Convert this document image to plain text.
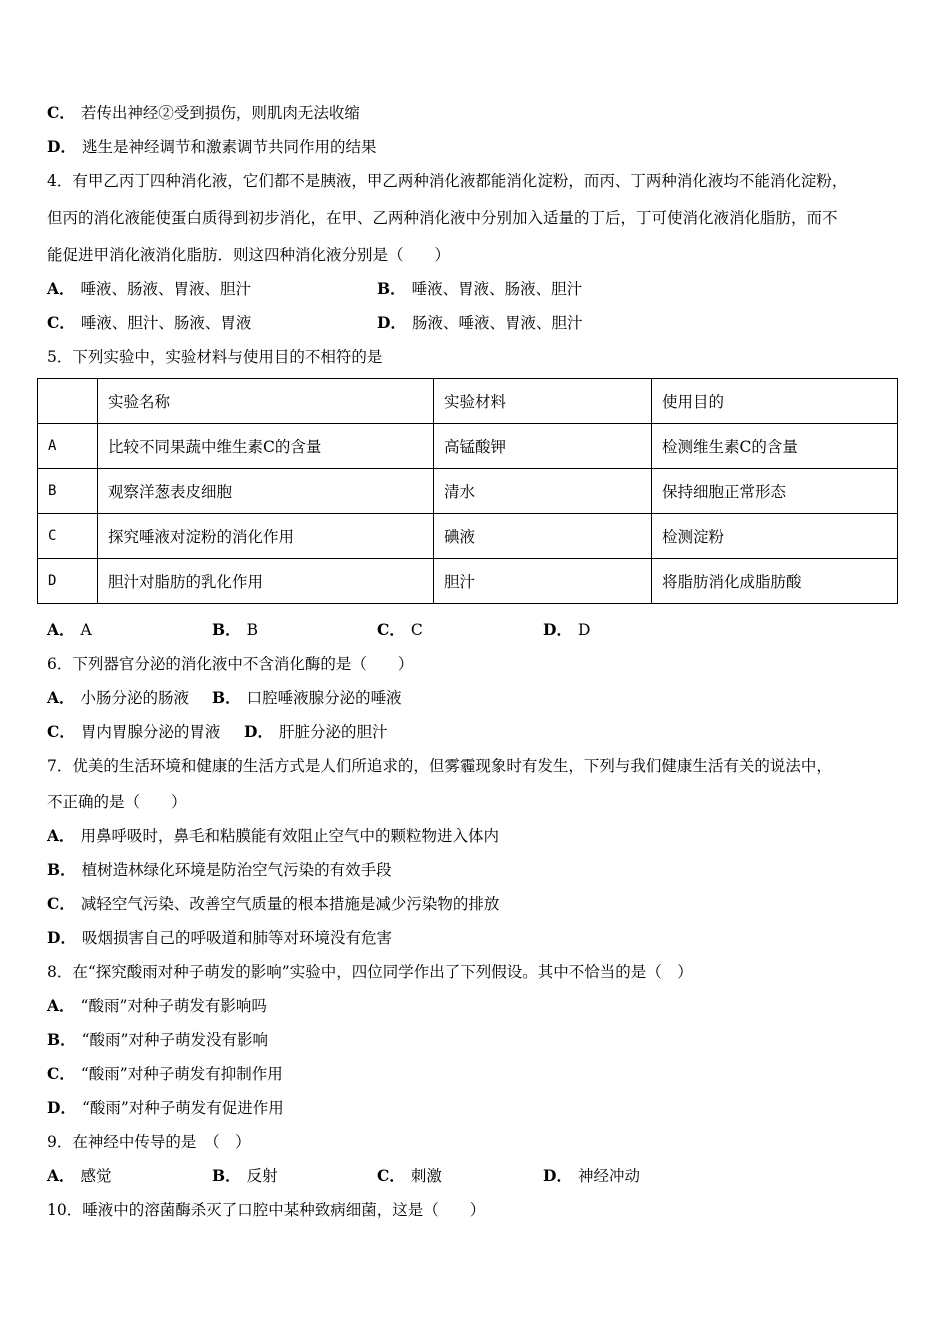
C． 若传出神经②受到损伤，则肌肉无法收缩
D． 逃生是神经调节和激素调节共同作用的结果
4．有甲乙丙丁四种消化液，它们都不是胰液，甲乙两种消化液都能消化淀粉，而丙、丁两种消化液均不能消化淀粉，
但丙的消化液能使蛋白质得到初步消化，在甲、乙两种消化液中分别加入适量的丁后，丁可使消化液消化脂肪，而不
能促进甲消化液消化脂肪．则这四种消化液分别是（　　）
A． 唾液、肠液、胃液、胆汁	B． 唾液、胃液、肠液、胆汁
C． 唾液、胆汁、肠液、胃液	D． 肠液、唾液、胃液、胆汁
5．下列实验中，实验材料与使用目的不相符的是
	实验名称	实验材料	使用目的
A	比较不同果蔬中维生素C的含量	高锰酸钾	检测维生素C的含量
B	观察洋葱表皮细胞	清水	保持细胞正常形态
C	探究唾液对淀粉的消化作用	碘液	检测淀粉
D	胆汁对脂肪的乳化作用	胆汁	将脂肪消化成脂肪酸
A． A	B． B	C． C	D． D
6．下列器官分泌的消化液中不含消化酶的是（　　）
A． 小肠分泌的肠液 B． 口腔唾液腺分泌的唾液
C． 胃内胃腺分泌的胃液 D． 肝脏分泌的胆汁
7．优美的生活环境和健康的生活方式是人们所追求的，但雾霾现象时有发生，下列与我们健康生活有关的说法中，
不正确的是（　　）
A． 用鼻呼吸时，鼻毛和粘膜能有效阻止空气中的颗粒物进入体内
B． 植树造林绿化环境是防治空气污染的有效手段
C． 减轻空气污染、改善空气质量的根本措施是减少污染物的排放
D． 吸烟损害自己的呼吸道和肺等对环境没有危害
8．在“探究酸雨对种子萌发的影响”实验中，四位同学作出了下列假设。其中不恰当的是（　）
A． “酸雨”对种子萌发有影响吗
B． “酸雨”对种子萌发没有影响
C． “酸雨”对种子萌发有抑制作用
D． “酸雨”对种子萌发有促进作用
9．在神经中传导的是　（　）
A． 感觉	B． 反射	C． 刺激	D． 神经冲动
10．唾液中的溶菌酶杀灭了口腔中某种致病细菌，这是（　　）
